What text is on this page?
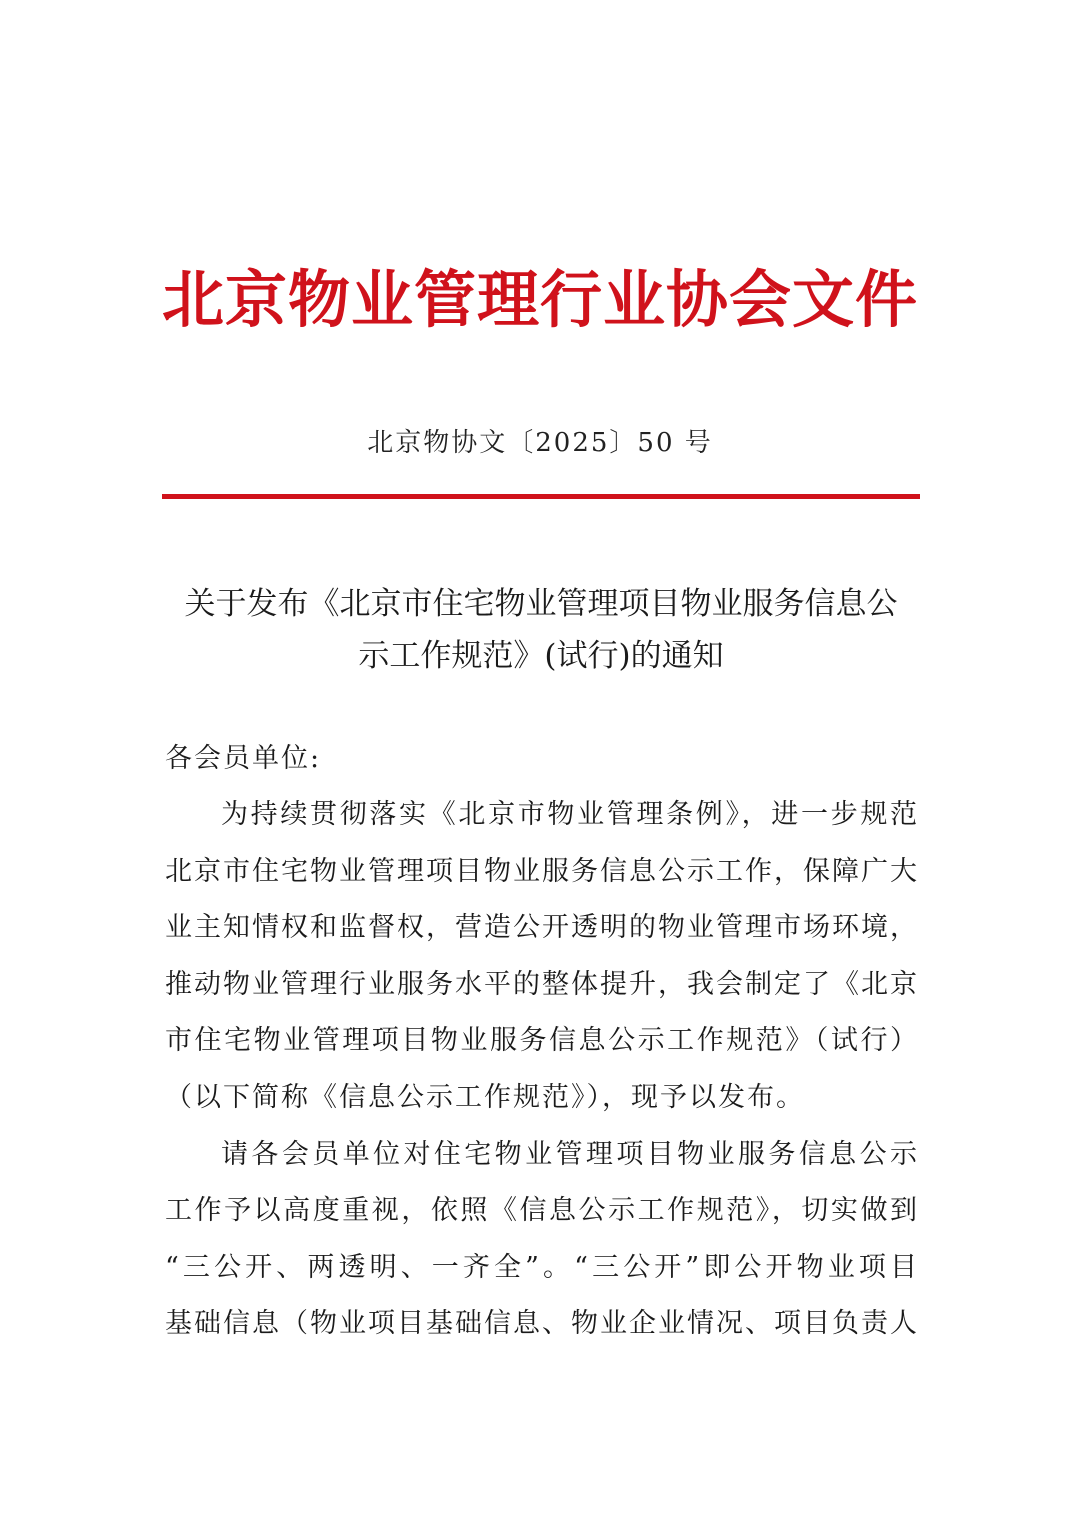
北京物业管理行业协会文件
北京物协文〔2025〕50 号
关于发布《北京市住宅物业管理项目物业服务信息公
示工作规范》(试行)的通知

各会员单位:

为持续贯彻落实《北京市物业管理条例》，进一步规范
北京市住宅物业管理项目物业服务信息公示工作，保障广大
业主知情权和监督权，营造公开透明的物业管理市场环境，
推动物业管理行业服务水平的整体提升，我会制定了《北京
市住宅物业管理项目物业服务信息公示工作规范》（试行）
（以下简称《信息公示工作规范》），现予以发布。

请各会员单位对住宅物业管理项目物业服务信息公示
工作予以高度重视，依照《信息公示工作规范》，切实做到
“三公开、两透明、一齐全”。“三公开”即公开物业项目
基础信息（物业项目基础信息、物业企业情况、项目负责人
